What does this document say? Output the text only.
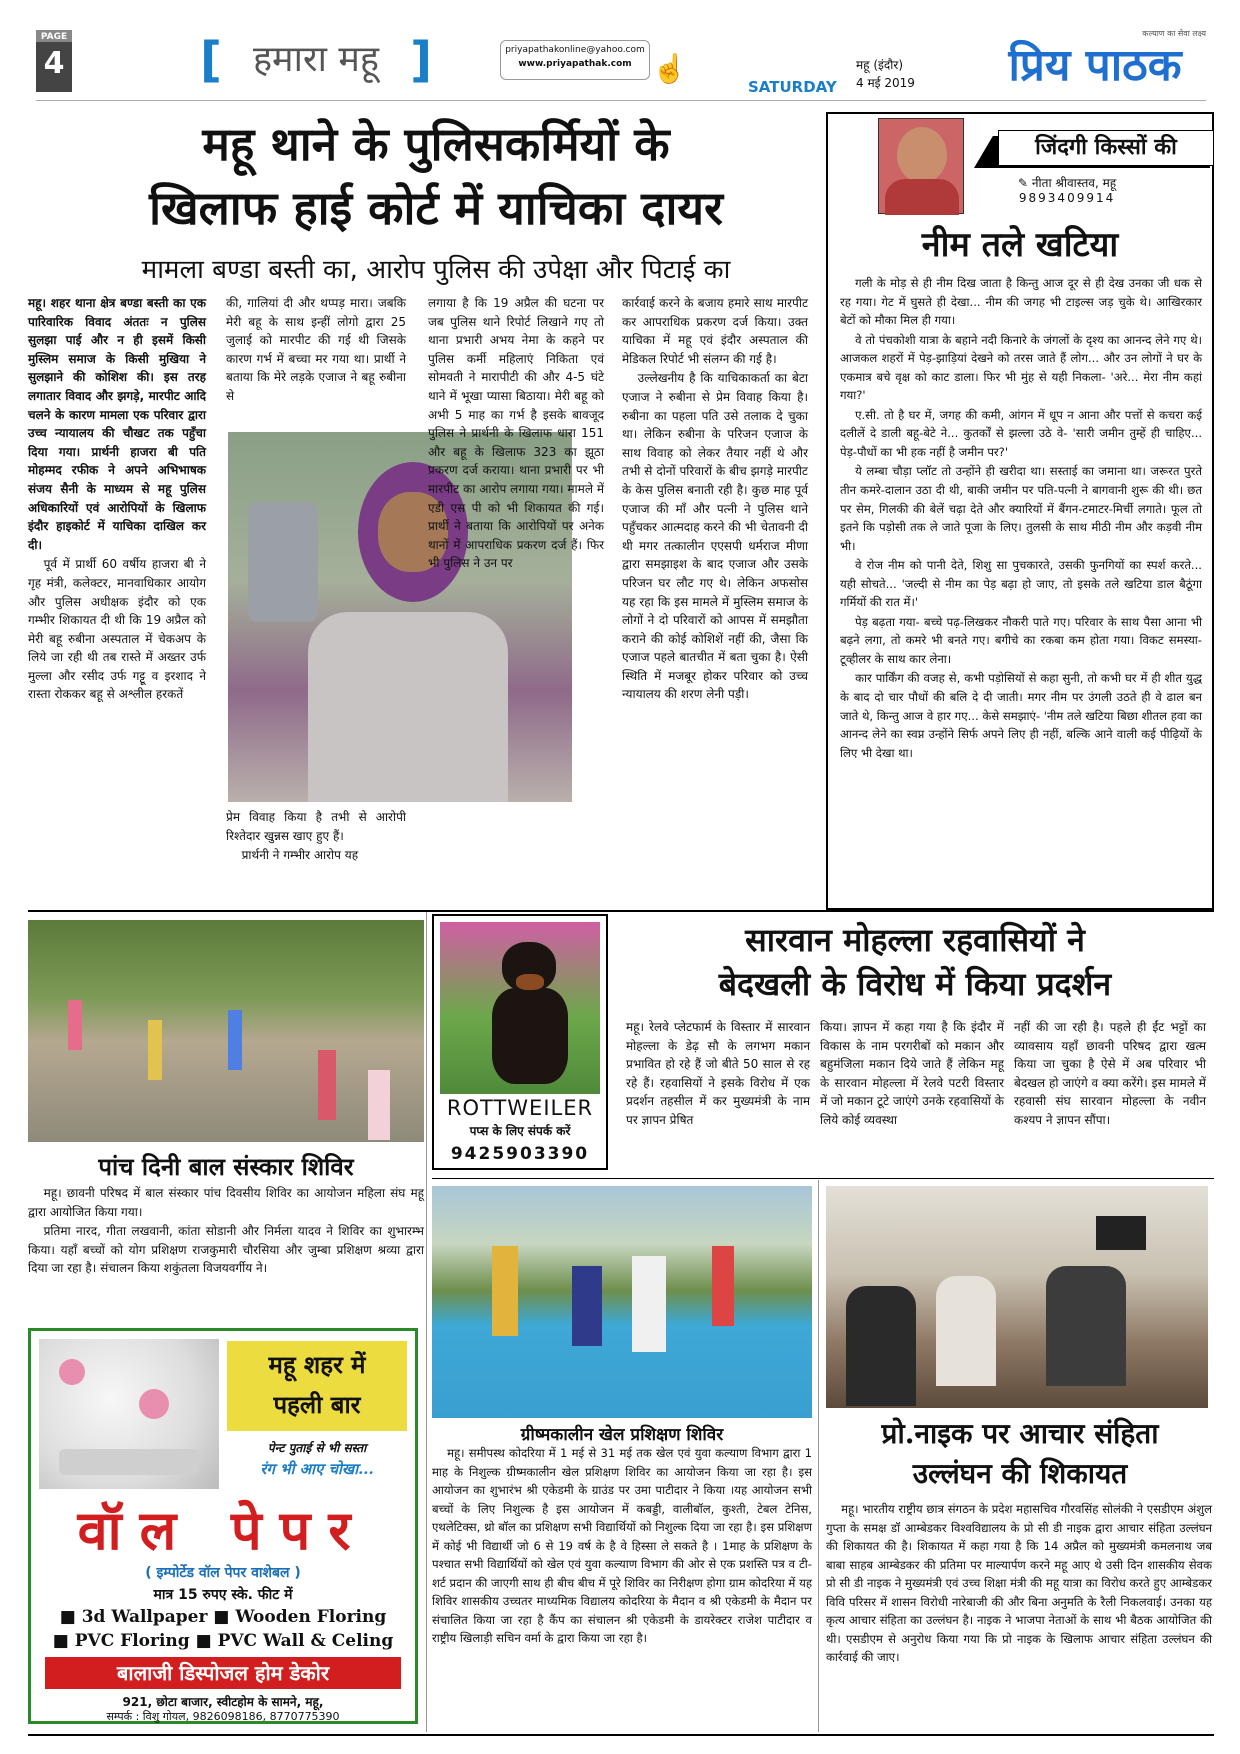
PAGE
4	[ हमारा महू ]	priyapathakonline@yahoo.com
www.priyapathak.com ☝
SATURDAY
महू (इंदौर)
4 मई 2019
कल्याण का सेवा लक्ष्य
प्रिय पाठक
महू थाने के पुलिसकर्मियों के
खिलाफ हाई कोर्ट में याचिका दायर
मामला बण्डा बस्ती का, आरोप पुलिस की उपेक्षा और पिटाई का

महू। शहर थाना क्षेत्र बण्डा बस्ती का एक पारिवारिक विवाद अंततः न पुलिस सुलझा पाई और न ही इसमें किसी मुस्लिम समाज के किसी मुखिया ने सुलझाने की कोशिश की। इस तरह लगातार विवाद और झगड़े, मारपीट आदि चलने के कारण मामला एक परिवार द्वारा उच्च न्यायालय की चौखट तक पहुँचा दिया गया। प्रार्थनी हाजरा बी पति मोहम्मद रफीक ने अपने अभिभाषक संजय सैनी के माध्यम से महू पुलिस अधिकारियों एवं आरोपियों के खिलाफ इंदौर हाइकोर्ट में याचिका दाखिल कर दी।

पूर्व में प्रार्थी 60 वर्षीय हाजरा बी ने गृह मंत्री, कलेक्टर, मानवाधिकार आयोग और पुलिस अधीक्षक इंदौर को एक गम्भीर शिकायत दी थी कि 19 अप्रैल को मेरी बहू रुबीना अस्पताल में चेकअप के लिये जा रही थी तब रास्ते में अख्तर उर्फ मुल्ला और रसीद उर्फ गट्टू व इरशाद ने रास्ता रोककर बहू से अश्लील हरकतें

की, गालियां दी और थप्पड़ मारा। जबकि मेरी बहू के साथ इन्हीं लोगो द्वारा 25 जुलाई को मारपीट की गई थी जिसके कारण गर्भ में बच्चा मर गया था। प्रार्थी ने बताया कि मेरे लड़के एजाज ने बहू रुबीना से

प्रेम विवाह किया है तभी से आरोपी रिश्तेदार खुन्नस खाए हुए हैं।

प्रार्थनी ने गम्भीर आरोप यह

लगाया है कि 19 अप्रैल की घटना पर जब पुलिस थाने रिपोर्ट लिखाने गए तो थाना प्रभारी अभय नेमा के कहने पर पुलिस कर्मी महिलाएं निकिता एवं सोमवती ने मारापीटी की और 4-5 घंटे थाने में भूखा प्यासा बिठाया। मेरी बहू को अभी 5 माह का गर्भ है इसके बावजूद पुलिस ने प्रार्थनी के खिलाफ धारा 151 और बहू के खिलाफ 323 का झूठा प्रकरण दर्ज कराया। थाना प्रभारी पर भी मारपीट का आरोप लगाया गया। मामले में एडी एस पी को भी शिकायत की गई। प्रार्थी ने बताया कि आरोपियों पर अनेक थानों में आपराधिक प्रकरण दर्ज हैं। फिर भी पुलिस ने उन पर

कार्रवाई करने के बजाय हमारे साथ मारपीट कर आपराधिक प्रकरण दर्ज किया। उक्त याचिका में महू एवं इंदौर अस्पताल की मेडिकल रिपोर्ट भी संलग्न की गई है।

उल्लेखनीय है कि याचिकाकर्ता का बेटा एजाज ने रुबीना से प्रेम विवाह किया है। रुबीना का पहला पति उसे तलाक दे चुका था। लेकिन रुबीना के परिजन एजाज के साथ विवाह को लेकर तैयार नहीं थे और तभी से दोनों परिवारों के बीच झगड़े मारपीट के केस पुलिस बनाती रही है। कुछ माह पूर्व एजाज की माँ और पत्नी ने पुलिस थाने पहुँचकर आत्मदाह करने की भी चेतावनी दी थी मगर तत्कालीन एएसपी धर्मराज मीणा द्वारा समझाइश के बाद एजाज और उसके परिजन घर लौट गए थे। लेकिन अफसोस यह रहा कि इस मामले में मुस्लिम समाज के लोगों ने दो परिवारों को आपस में समझौता कराने की कोई कोशिशें नहीं की, जैसा कि एजाज पहले बातचीत में बता चुका है। ऐसी स्थिति में मजबूर होकर परिवार को उच्च न्यायालय की शरण लेनी पड़ी।

जिंदगी किस्सों की
✎ नीता श्रीवास्तव, महू
9893409914
नीम तले खटिया

गली के मोड़ से ही नीम दिख जाता है किन्तु आज दूर से ही देख उनका जी धक से रह गया। गेट में घुसते ही देखा... नीम की जगह भी टाइल्स जड़ चुके थे। आखिरकार बेटों को मौका मिल ही गया।

वे तो पंचकोशी यात्रा के बहाने नदी किनारे के जंगलों के दृश्य का आनन्द लेने गए थे। आजकल शहरों में पेड़-झाड़ियां देखने को तरस जाते हैं लोग... और उन लोगों ने घर के एकमात्र बचे वृक्ष को काट डाला। फिर भी मुंह से यही निकला- 'अरे... मेरा नीम कहां गया?'

ए.सी. तो है घर में, जगह की कमी, आंगन में धूप न आना और पत्तों से कचरा कई दलीलें दे डाली बहू-बेटे ने... कुतर्कों से झल्ला उठे वे- 'सारी जमीन तुम्हें ही चाहिए... पेड़-पौधों का भी हक नहीं है जमीन पर?'

ये लम्बा चौड़ा प्लॉट तो उन्होंने ही खरीदा था। सस्ताई का जमाना था। जरूरत पुरते तीन कमरे-दालान उठा दी थी, बाकी जमीन पर पति-पत्नी ने बागवानी शुरू की थी। छत पर सेम, गिलकी की बेलें चढ़ा देते और क्यारियों में बैंगन-टमाटर-मिर्ची लगाते। फूल तो इतने कि पड़ोसी तक ले जाते पूजा के लिए। तुलसी के साथ मीठी नीम और कड़वी नीम भी।

वे रोज नीम को पानी देते, शिशु सा पुचकारते, उसकी फुनगियों का स्पर्श करते... यही सोचते... 'जल्दी से नीम का पेड़ बढ़ा हो जाए, तो इसके तले खटिया डाल बैठूंगा गर्मियों की रात में।'

पेड़ बढ़ता गया- बच्चे पढ़-लिखकर नौकरी पाते गए। परिवार के साथ पैसा आना भी बढ़ने लगा, तो कमरे भी बनते गए। बगीचे का रकबा कम होता गया। विकट समस्या-टूव्हीलर के साथ कार लेना।

कार पार्किंग की वजह से, कभी पड़ोसियों से कहा सुनी, तो कभी घर में ही शीत युद्ध के बाद दो चार पौधों की बलि दे दी जाती। मगर नीम पर उंगली उठते ही वे ढाल बन जाते थे, किन्तु आज वे हार गए... केसे समझाएं- 'नीम तले खटिया बिछा शीतल हवा का आनन्द लेने का स्वप्न उन्होंने सिर्फ अपने लिए ही नहीं, बल्कि आने वाली कई पीढ़ियों के लिए भी देखा था।

पांच दिनी बाल संस्कार शिविर

महू। छावनी परिषद में बाल संस्कार पांच दिवसीय शिविर का आयोजन महिला संघ महू द्वारा आयोजित किया गया।

प्रतिमा नारद, गीता लखवानी, कांता सोडानी और निर्मला यादव ने शिविर का शुभारम्भ किया। यहाँ बच्चों को योग प्रशिक्षण राजकुमारी चौरसिया और जुम्बा प्रशिक्षण श्रव्या द्वारा दिया जा रहा है। संचालन किया शकुंतला विजयवर्गीय ने।

ROTTWEILER
पप्स के लिए संपर्क करें
9425903390
सारवान मोहल्ला रहवासियों ने
बेदखली के विरोध में किया प्रदर्शन

महू। रेलवे प्लेटफार्म के विस्तार में सारवान मोहल्ला के डेढ़ सौ के लगभग मकान प्रभावित हो रहे हैं जो बीते 50 साल से रह रहे हैं। रहवासियों ने इसके विरोध में एक प्रदर्शन तहसील में कर मुख्यमंत्री के नाम पर ज्ञापन प्रेषित

किया। ज्ञापन में कहा गया है कि इंदौर में विकास के नाम परगरीबों को मकान और बहुमंजिला मकान दिये जाते हैं लेकिन महू के सारवान मोहल्ला में रेलवे पटरी विस्तार में जो मकान टूटे जाएंगे उनके रहवासियों के लिये कोई व्यवस्था

नहीं की जा रही है। पहले ही ईंट भट्टों का व्यावसाय यहाँ छावनी परिषद द्वारा खत्म किया जा चुका है ऐसे में अब परिवार भी बेदखल हो जाएंगे व क्या करेंगे। इस मामले में रहवासी संघ सारवान मोहल्ला के नवीन कश्यप ने ज्ञापन सौंपा।

महू शहर में
पहली बार
पेन्ट पुताई से भी सस्ता
रंग भी आए चोखा...
वॉल पेपर
( इम्पोर्टेड वॉल पेपर वाशेबल )
मात्र 15 रुपए स्के. फीट में
■ 3d Wallpaper ■ Wooden Floring
■ PVC Floring ■ PVC Wall & Celing
बालाजी डिस्पोजल होम डेकोर
921, छोटा बाजार, स्वीटहोम के सामने, महू,
सम्पर्क : विशु गोयल, 9826098186, 8770775390
ग्रीष्मकालीन खेल प्रशिक्षण शिविर

महू। समीपस्थ कोदरिया में 1 मई से 31 मई तक खेल एवं युवा कल्याण विभाग द्वारा 1 माह के निशुल्क ग्रीष्मकालीन खेल प्रशिक्षण शिविर का आयोजन किया जा रहा है। इस आयोजन का शुभारंभ श्री एकेडमी के ग्राउंड पर उमा पाटीदार ने किया ।यह आयोजन सभी बच्चों के लिए निशुल्क है इस आयोजन में कबड्डी, वालीबॉल, कुश्ती, टेबल टेनिस, एथलेटिक्स, थ्रो बॉल का प्रशिक्षण सभी विद्यार्थियों को निशुल्क दिया जा रहा है। इस प्रशिक्षण में कोई भी विद्यार्थी जो 6 से 19 वर्ष के है वे हिस्सा ले सकते है । 1माह के प्रशिक्षण के पश्चात सभी विद्यार्थियों को खेल एवं युवा कल्याण विभाग की ओर से एक प्रशस्ति पत्र व टी-शर्ट प्रदान की जाएगी साथ ही बीच बीच में पूरे शिविर का निरीक्षण होगा ग्राम कोदरिया में यह शिविर शासकीय उच्चतर माध्यमिक विद्यालय कोदरिया के मैदान व श्री एकेडमी के मैदान पर संचालित किया जा रहा है कैंप का संचालन श्री एकेडमी के डायरेक्टर राजेश पाटीदार व राष्ट्रीय खिलाड़ी सचिन वर्मा के द्वारा किया जा रहा है।

प्रो.नाइक पर आचार संहिता
उल्लंघन की शिकायत

महू। भारतीय राष्ट्रीय छात्र संगठन के प्रदेश महासचिव गौरवसिंह सोलंकी ने एसडीएम अंशुल गुप्ता के समक्ष डॉ आम्बेडकर विश्वविद्यालय के प्रो सी डी नाइक द्वारा आचार संहिता उल्लंघन की शिकायत की है। शिकायत में कहा गया है कि 14 अप्रैल को मुख्यमंत्री कमलनाथ जब बाबा साहब आम्बेडकर की प्रतिमा पर माल्यार्पण करने महू आए थे उसी दिन शासकीय सेवक प्रो सी डी नाइक ने मुख्यमंत्री एवं उच्च शिक्षा मंत्री की महू यात्रा का विरोध करते हुए आम्बेडकर विवि परिसर में शासन विरोधी नारेबाजी की और बिना अनुमति के रैली निकलवाई। उनका यह कृत्य आचार संहिता का उल्लंघन है। नाइक ने भाजपा नेताओं के साथ भी बैठक आयोजित की थी। एसडीएम से अनुरोध किया गया कि प्रो नाइक के खिलाफ आचार संहिता उल्लंघन की कार्रवाई की जाए।
